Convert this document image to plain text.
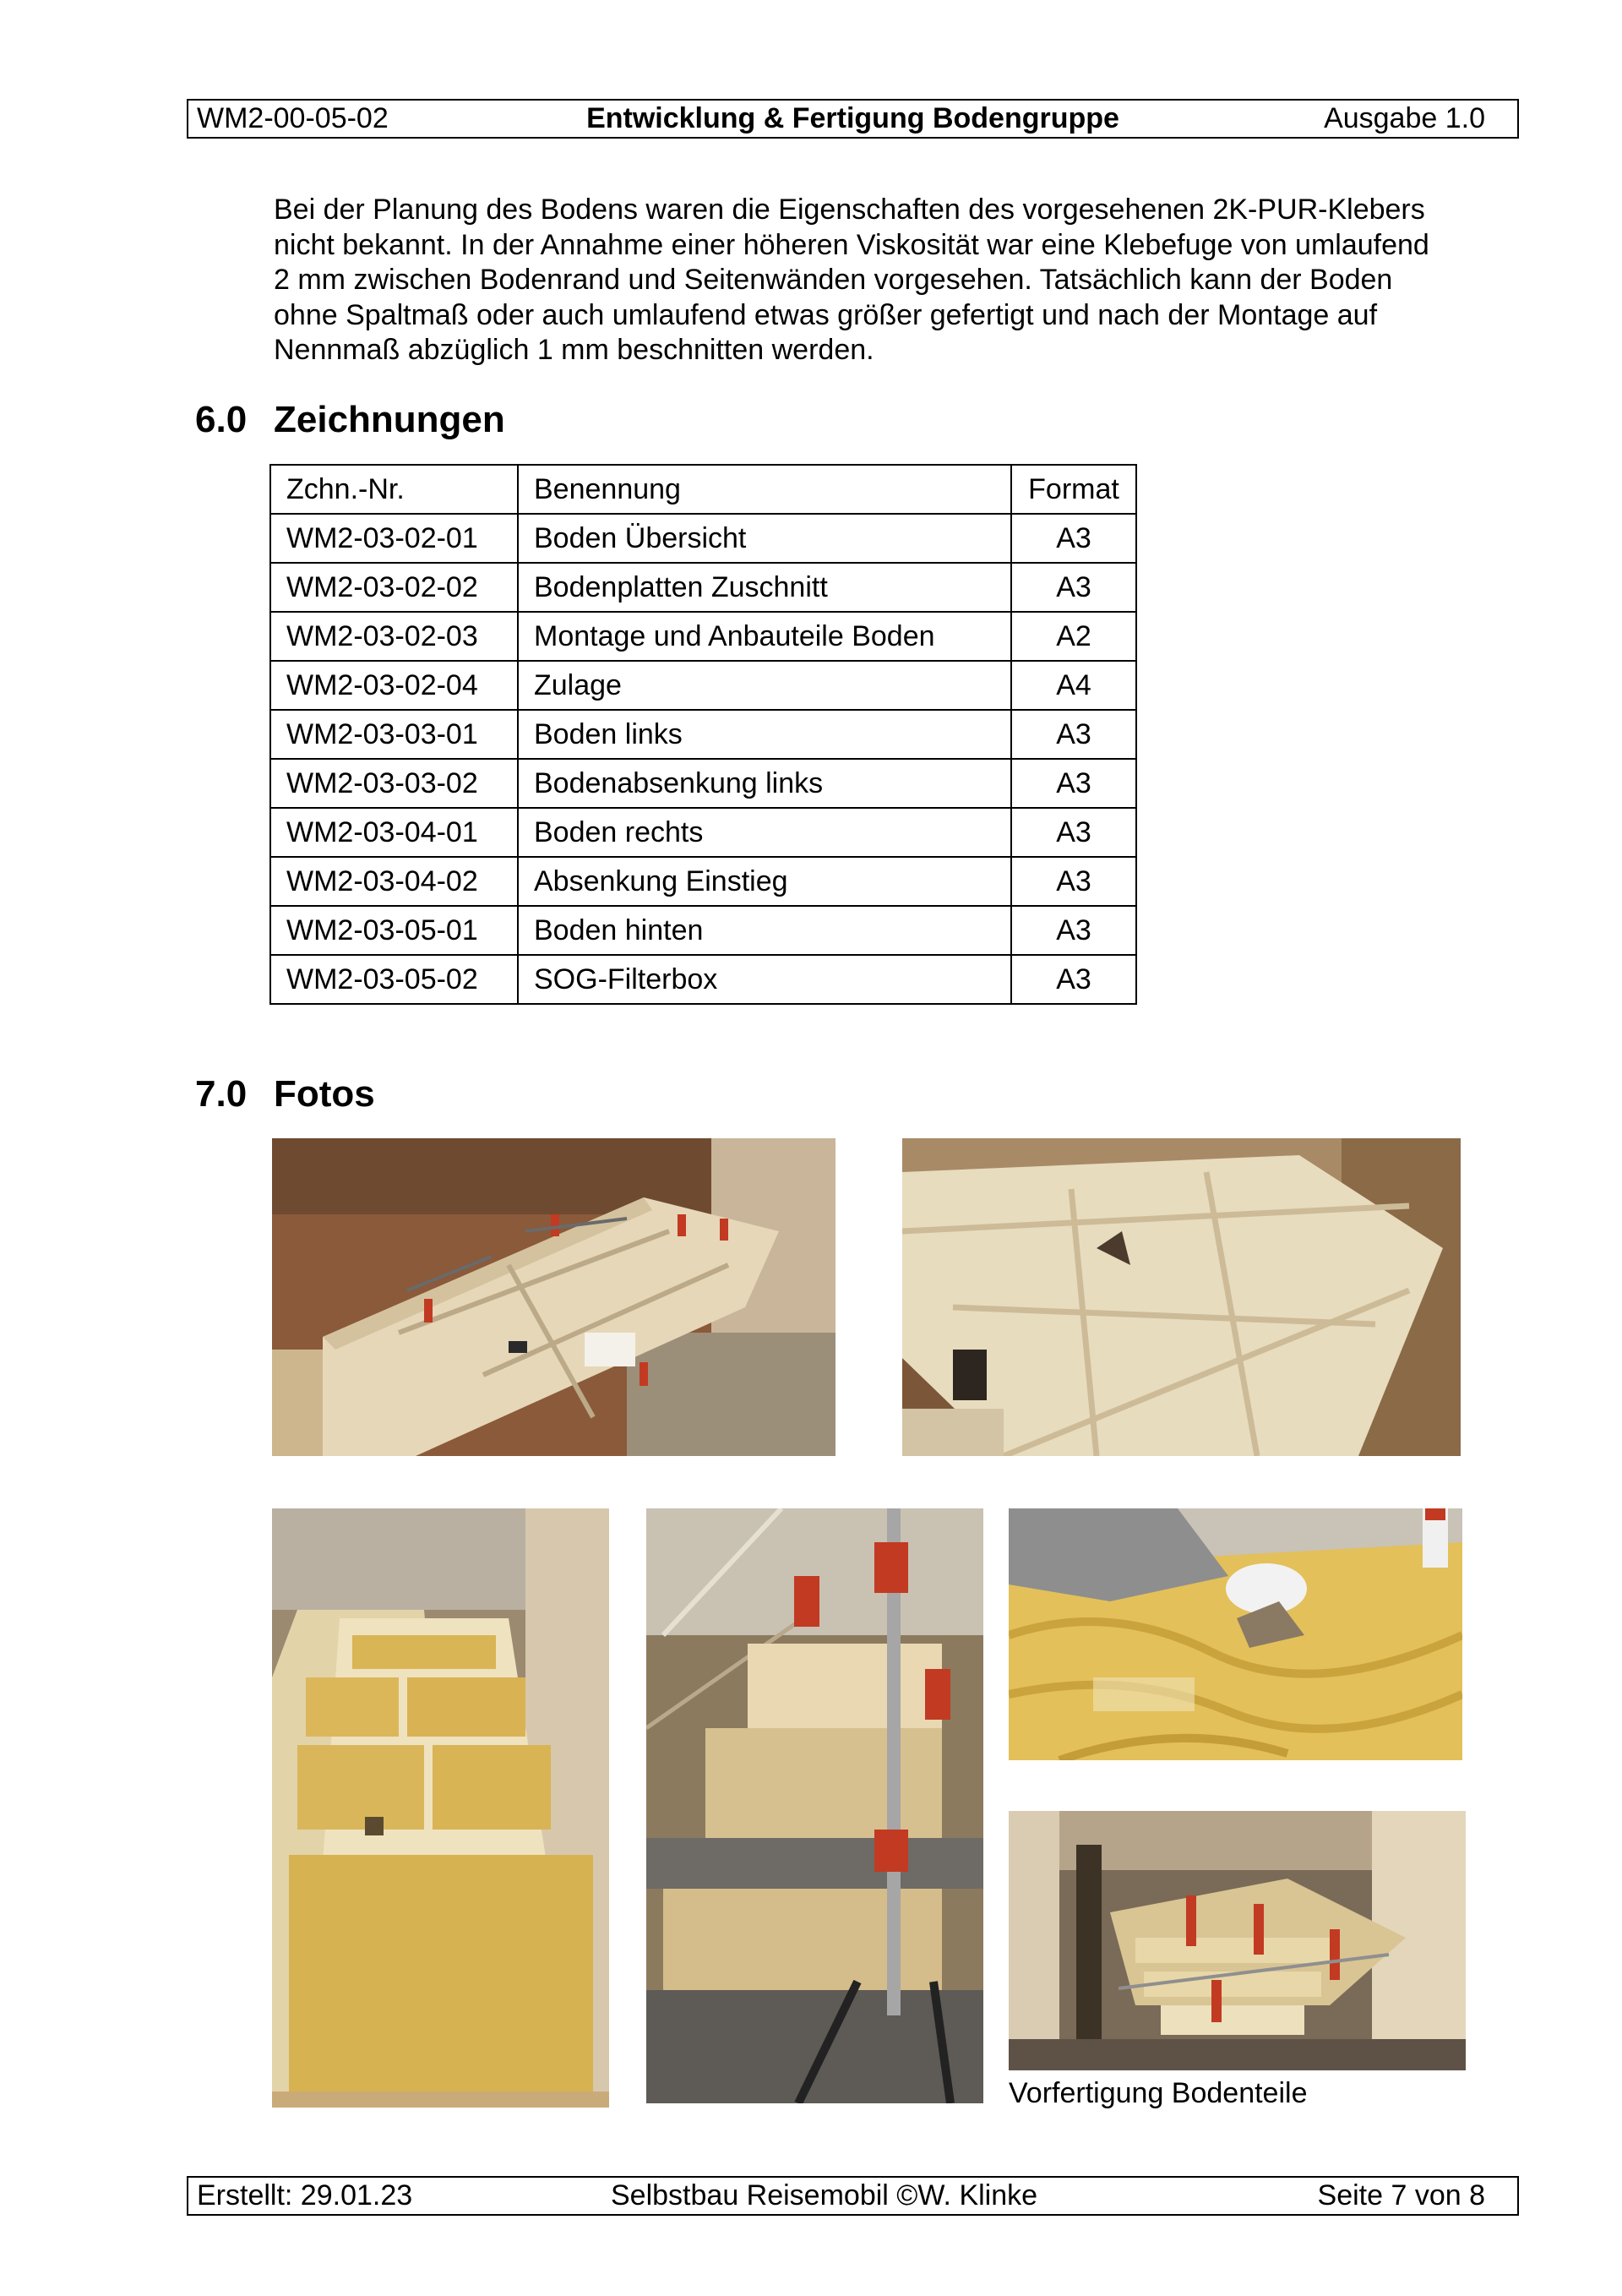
WM2-00-05-02	Entwicklung & Fertigung Bodengruppe	Ausgabe 1.0

Bei der Planung des Bodens waren die Eigenschaften des vorgesehenen 2K-PUR-Klebers
nicht bekannt. In der Annahme einer höheren Viskosität war eine Klebefuge von umlaufend
2 mm zwischen Bodenrand und Seitenwänden vorgesehen. Tatsächlich kann der Boden
ohne Spaltmaß oder auch umlaufend etwas größer gefertigt und nach der Montage auf
Nennmaß abzüglich 1 mm beschnitten werden.

6.0 Zeichnungen
Zchn.-Nr.	Benennung	Format
WM2-03-02-01	Boden Übersicht	A3
WM2-03-02-02	Bodenplatten Zuschnitt	A3
WM2-03-02-03	Montage und Anbauteile Boden	A2
WM2-03-02-04	Zulage	A4
WM2-03-03-01	Boden links	A3
WM2-03-03-02	Bodenabsenkung links	A3
WM2-03-04-01	Boden rechts	A3
WM2-03-04-02	Absenkung Einstieg	A3
WM2-03-05-01	Boden hinten	A3
WM2-03-05-02	SOG-Filterbox	A3
7.0 Fotos
Vorfertigung Bodenteile
Erstellt: 29.01.23	Selbstbau Reisemobil ©W. Klinke	Seite 7 von 8
